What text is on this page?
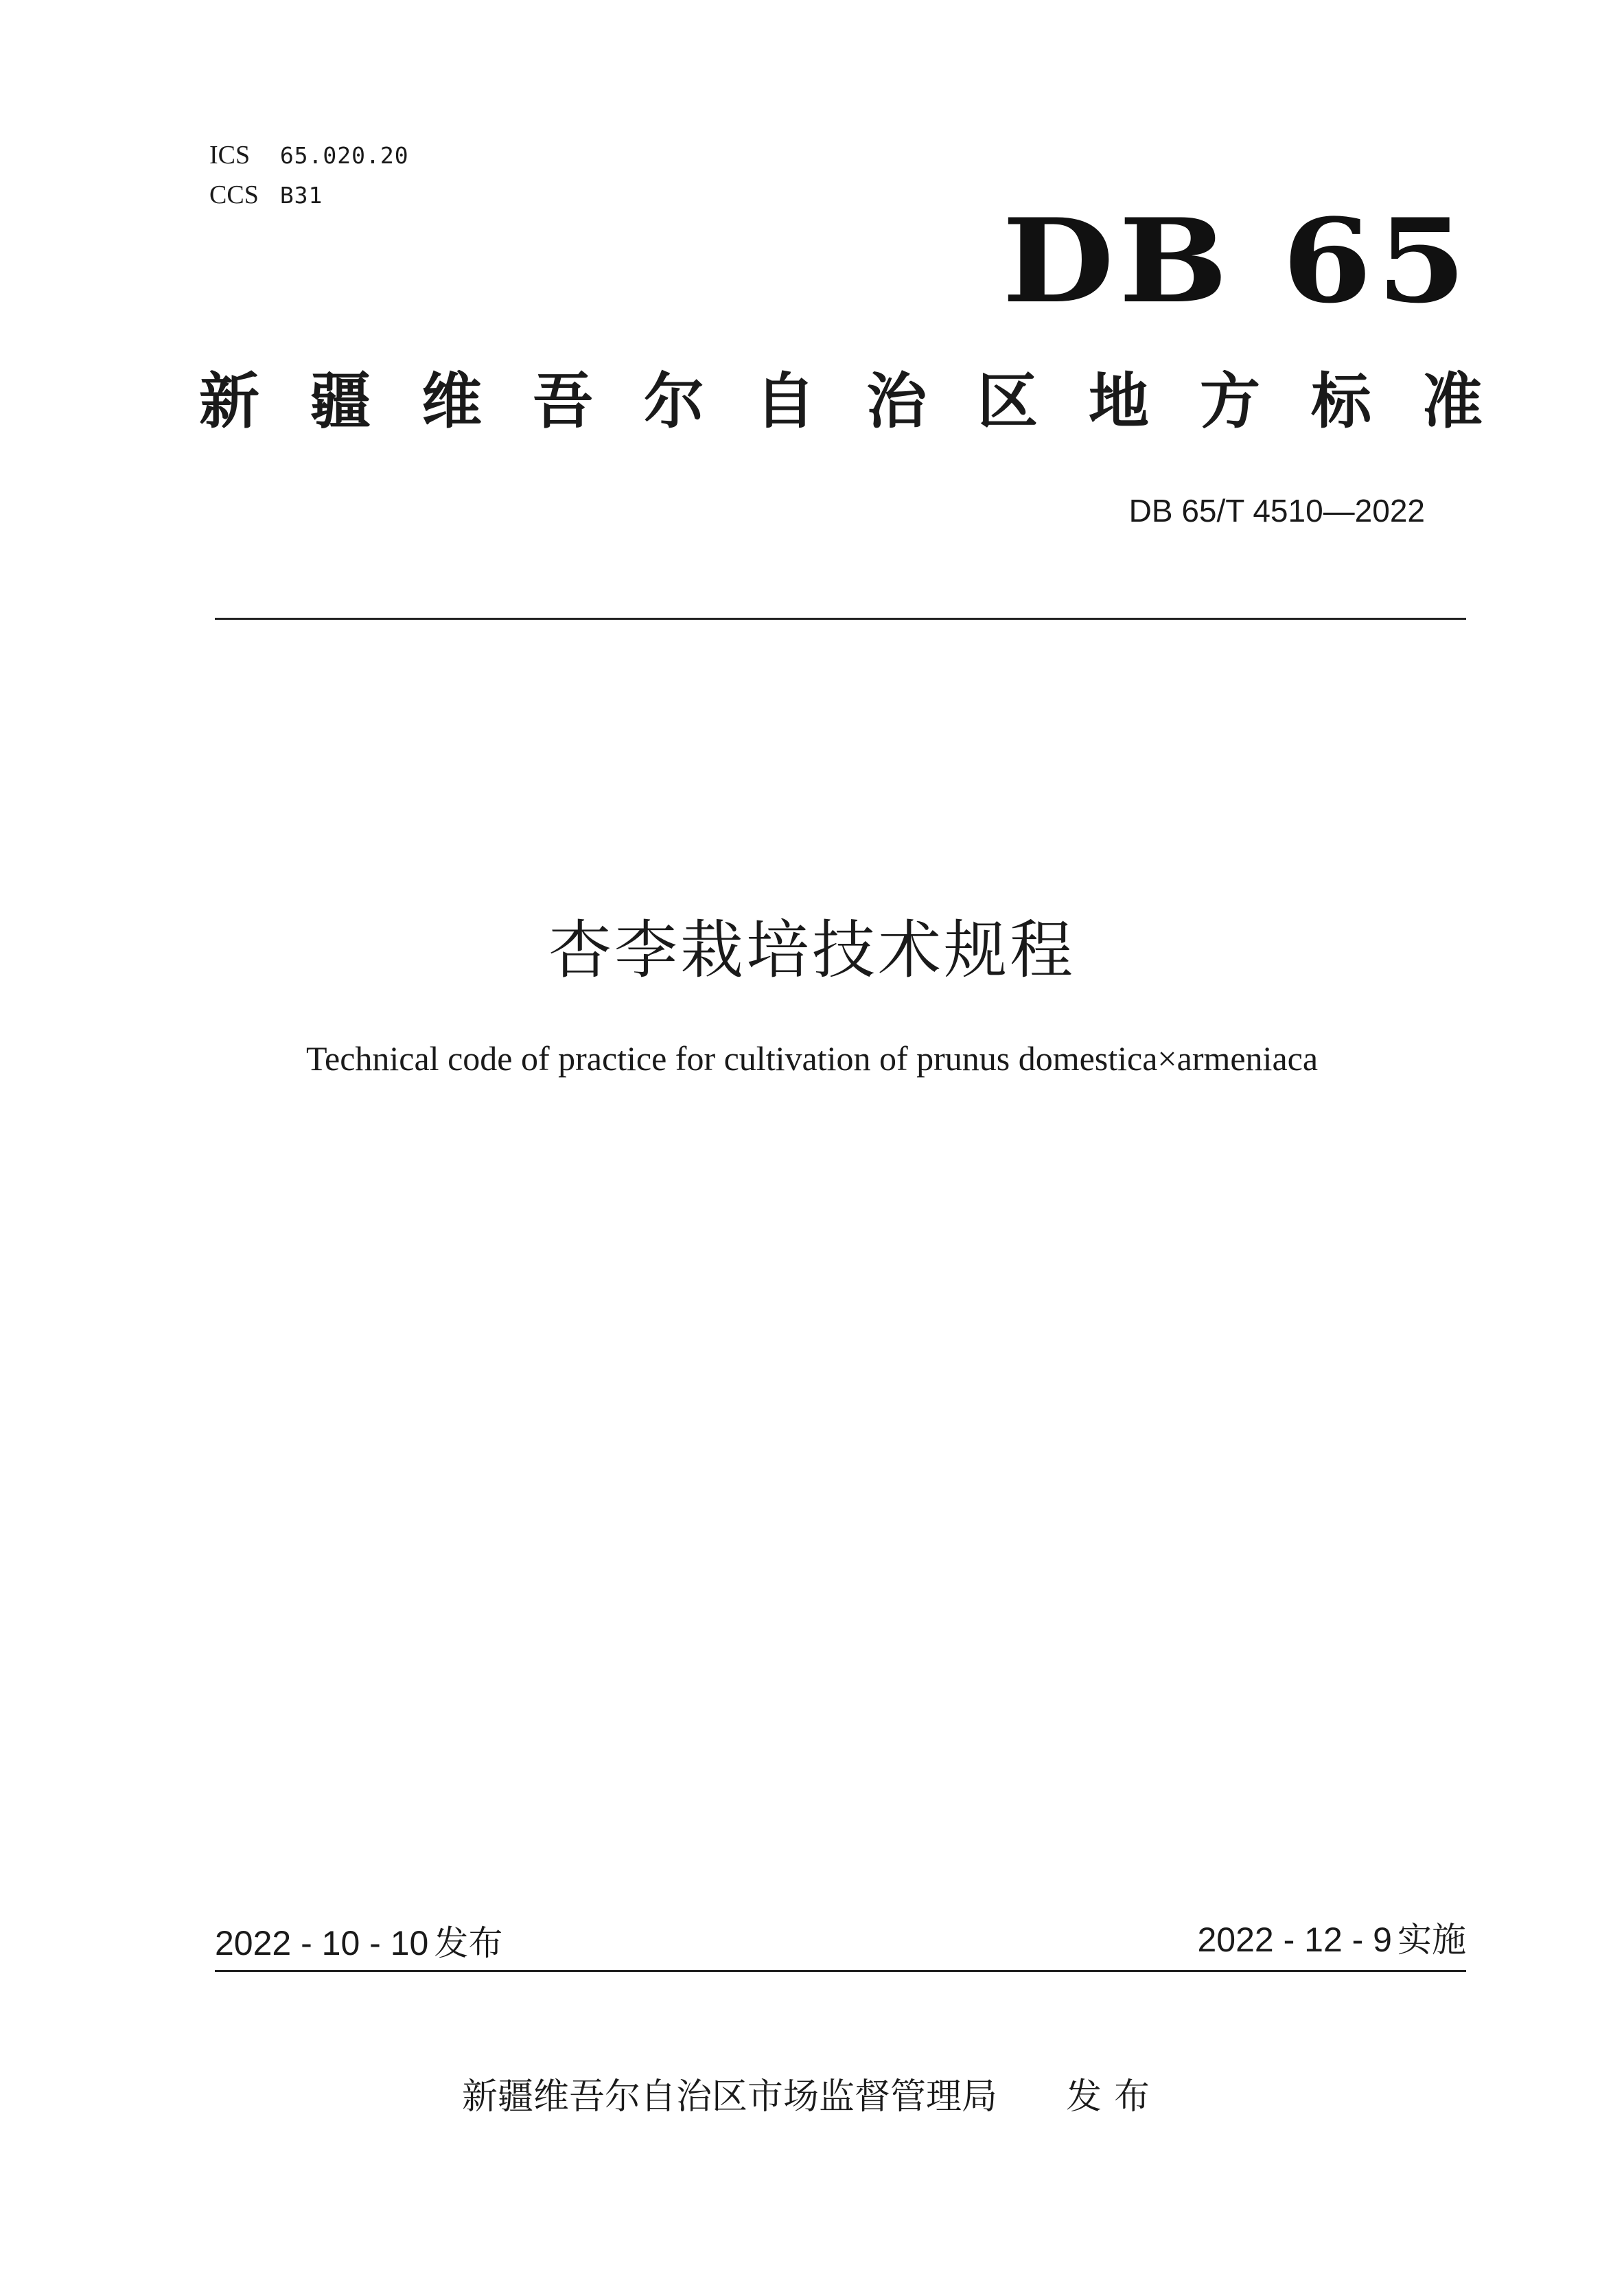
ICS 65.020.20
CCS B31	DB 65
新疆维吾尔自治区地方标准
DB 65/T 4510—2022
杏李栽培技术规程
Technical code of practice for cultivation of prunus domestica×armeniaca
2022 - 10 - 10 发布	2022 - 12 - 9 实施
新疆维吾尔自治区市场监督管理局 发布
